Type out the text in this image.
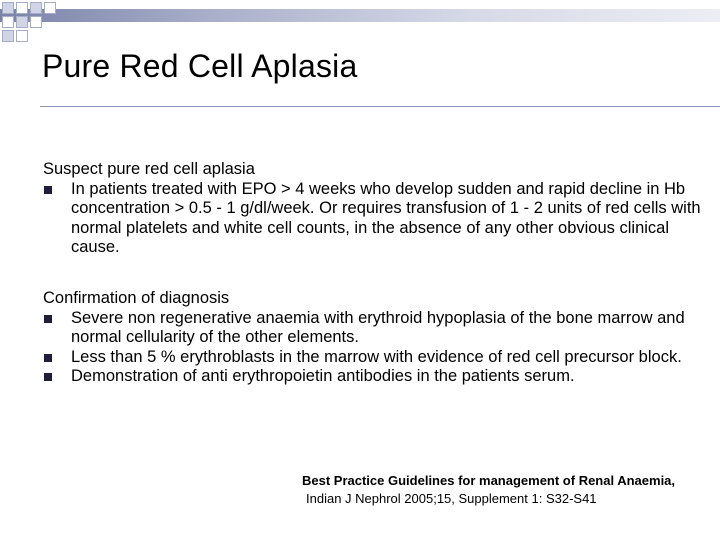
Pure Red Cell Aplasia

Suspect pure red cell aplasia

In patients treated with EPO > 4 weeks who develop sudden and rapid decline in Hb concentration > 0.5 - 1 g/dl/week. Or requires transfusion of 1 - 2 units of red cells with normal platelets and white cell counts, in the absence of any other obvious clinical cause.

Confirmation of diagnosis

Severe non regenerative anaemia with erythroid hypoplasia of the bone marrow and normal cellularity of the other elements.
Less than 5 % erythroblasts in the marrow with evidence of red cell precursor block.
Demonstration of anti erythropoietin antibodies in the patients serum.
Best Practice Guidelines for management of Renal Anaemia,
Indian J Nephrol 2005;15, Supplement 1: S32-S41
